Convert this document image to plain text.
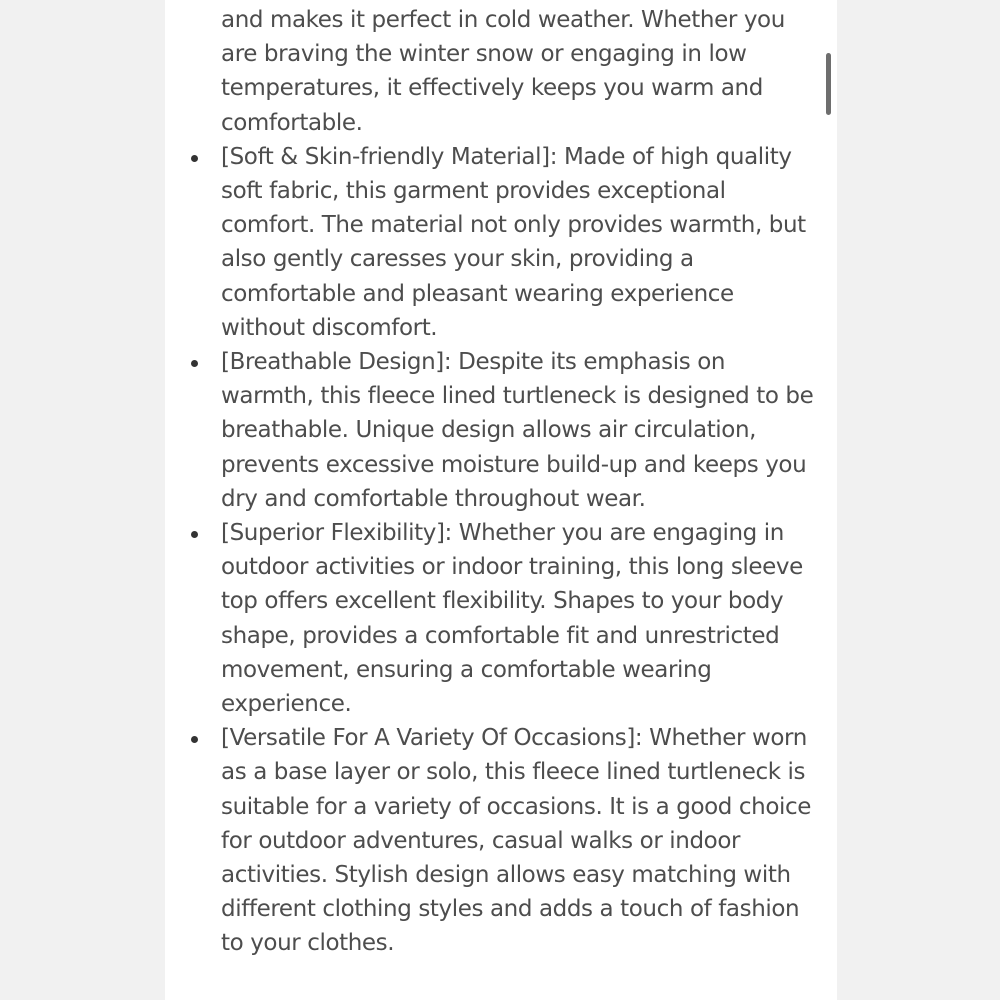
and makes it perfect in cold weather. Whether you are braving the winter snow or engaging in low temperatures, it effectively keeps you warm and comfortable.

[Soft & Skin-friendly Material]: Made of high quality soft fabric, this garment provides exceptional comfort. The material not only provides warmth, but also gently caresses your skin, providing a comfortable and pleasant wearing experience without discomfort.
[Breathable Design]: Despite its emphasis on warmth, this fleece lined turtleneck is designed to be breathable. Unique design allows air circulation, prevents excessive moisture build-up and keeps you dry and comfortable throughout wear.
[Superior Flexibility]: Whether you are engaging in outdoor activities or indoor training, this long sleeve top offers excellent flexibility. Shapes to your body shape, provides a comfortable fit and unrestricted movement, ensuring a comfortable wearing experience.
[Versatile For A Variety Of Occasions]: Whether worn as a base layer or solo, this fleece lined turtleneck is suitable for a variety of occasions. It is a good choice for outdoor adventures, casual walks or indoor activities. Stylish design allows easy matching with different clothing styles and adds a touch of fashion to your clothes.
